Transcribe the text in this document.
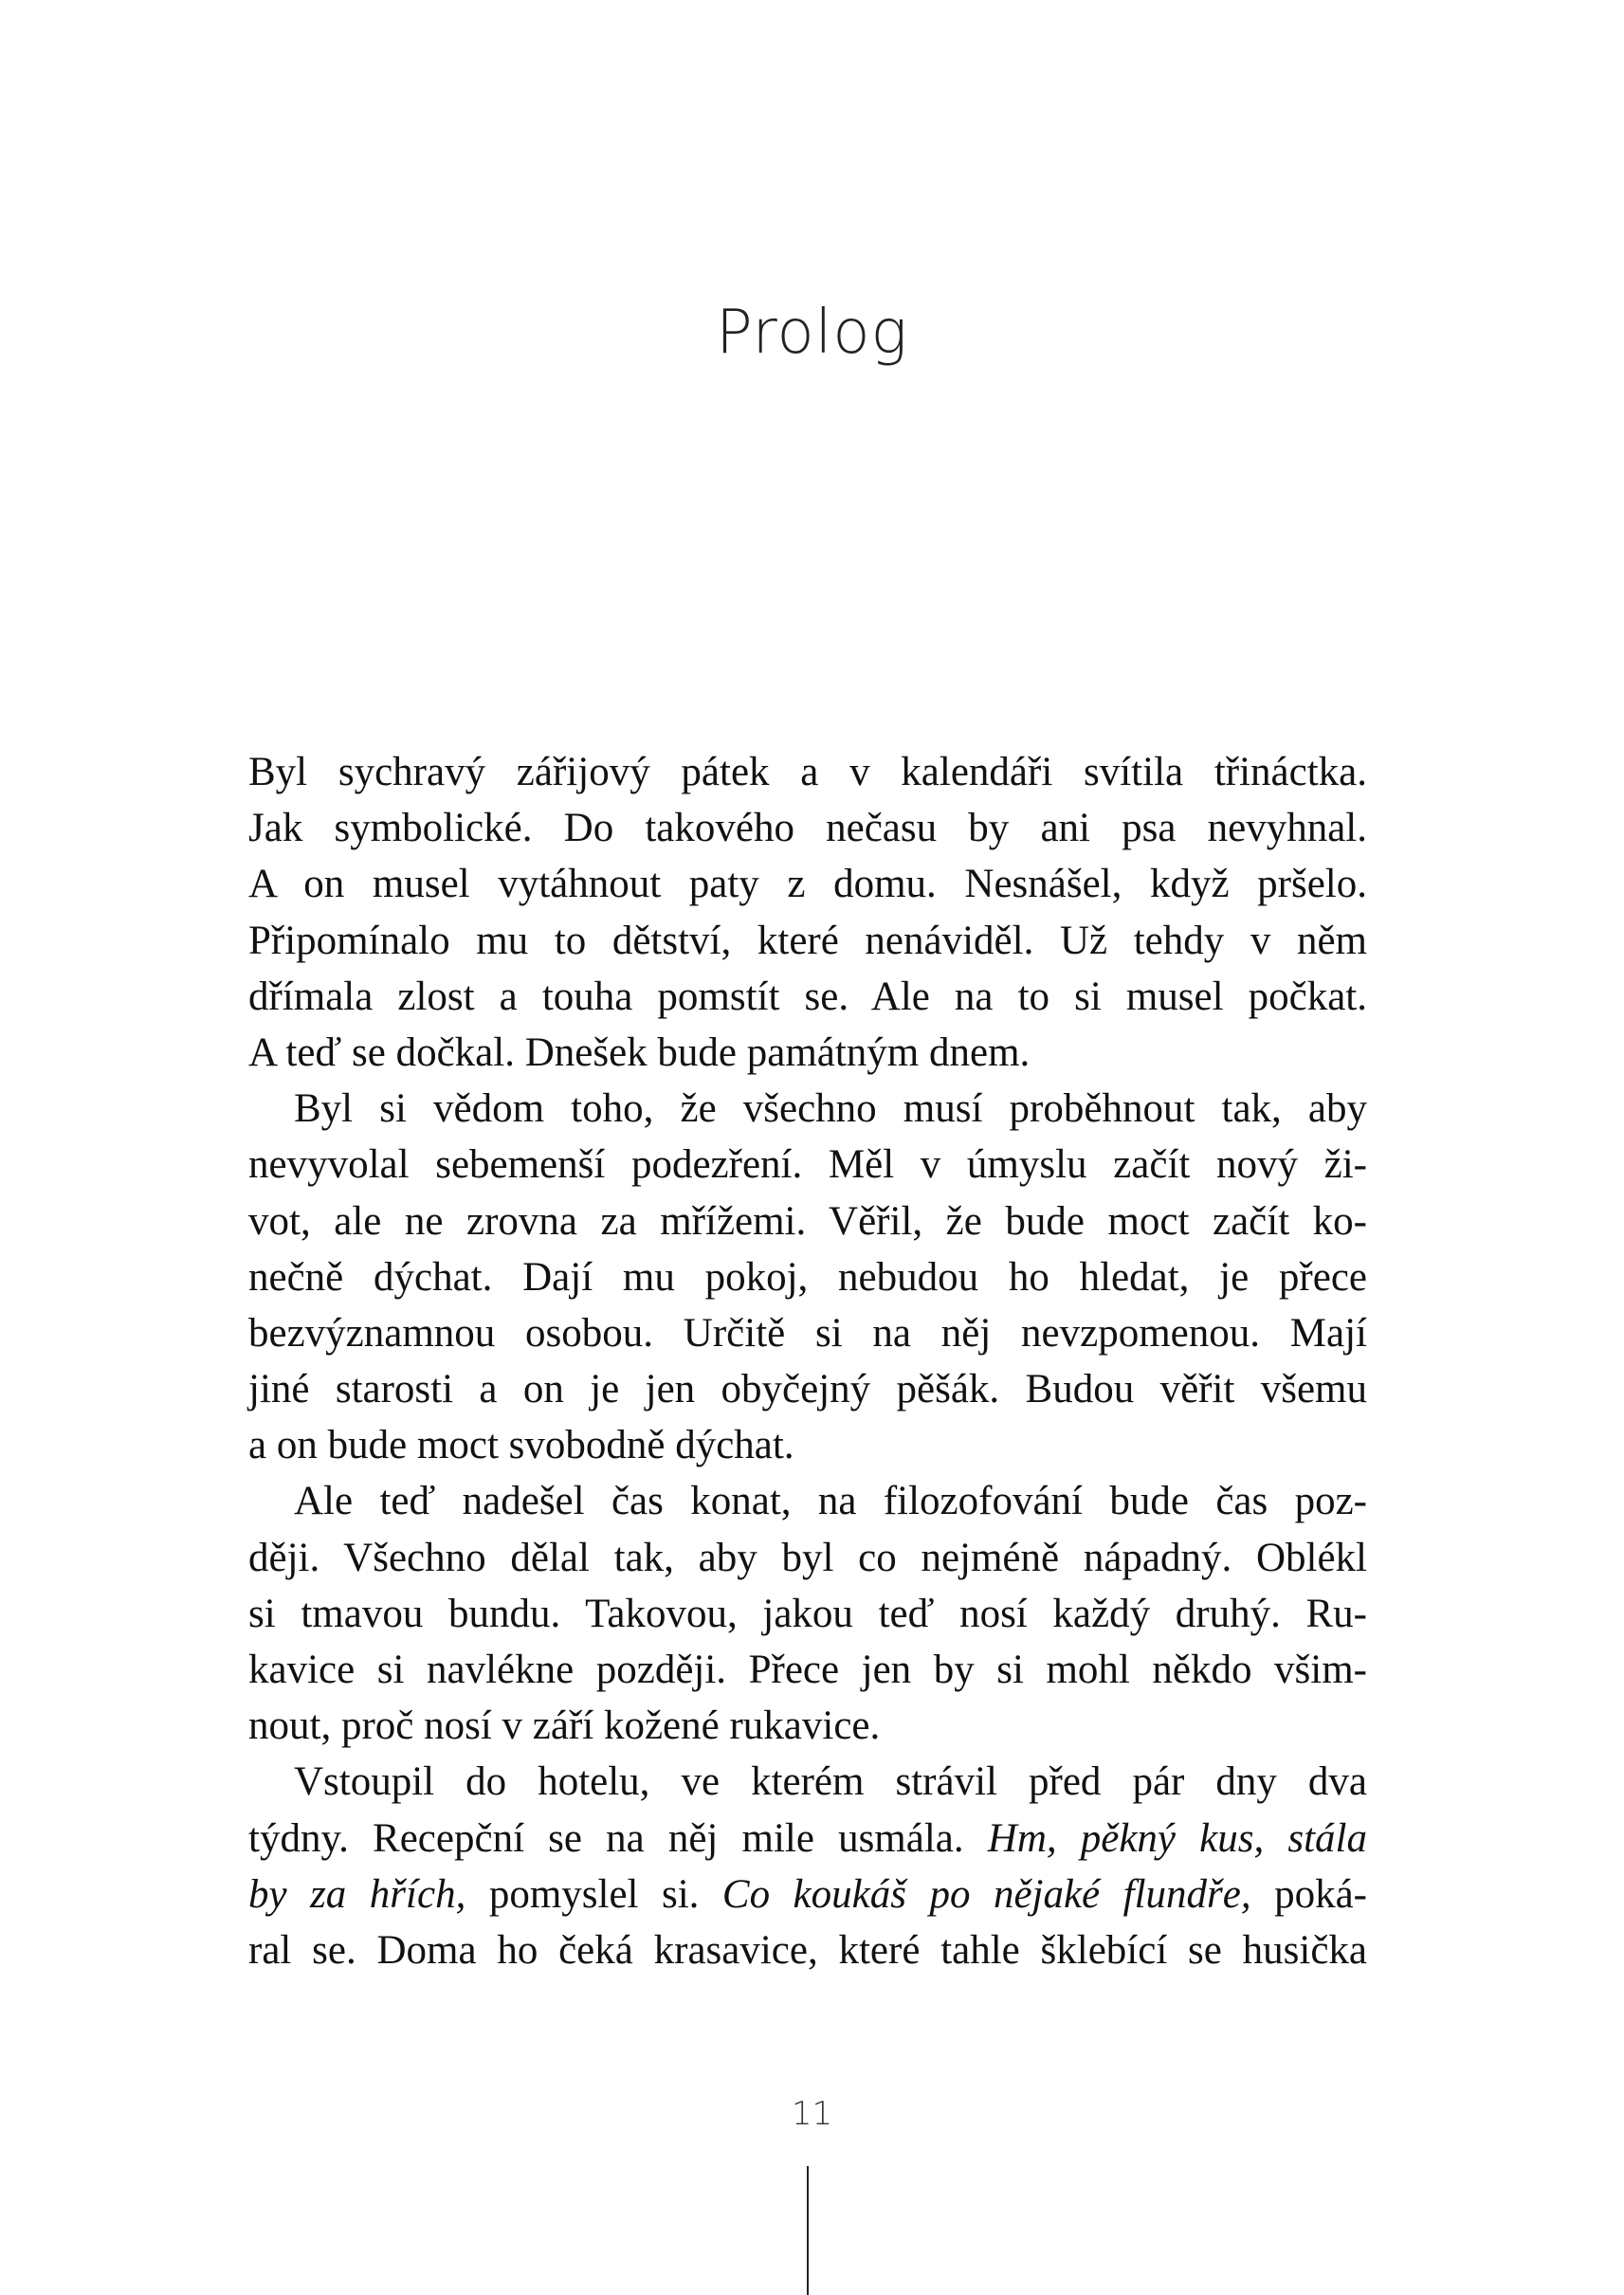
Prolog
Byl sychravý zářijový pátek a v kalendáři svítila třináctka.
Jak symbolické. Do takového nečasu by ani psa nevyhnal.
A on musel vytáhnout paty z domu. Nesnášel, když pršelo.
Připomínalo mu to dětství, které nenáviděl. Už tehdy v něm
dřímala zlost a touha pomstít se. Ale na to si musel počkat.
A teď se dočkal. Dnešek bude památným dnem.
Byl si vědom toho, že všechno musí proběhnout tak, aby
nevyvolal sebemenší podezření. Měl v úmyslu začít nový ži-
vot, ale ne zrovna za mřížemi. Věřil, že bude moct začít ko-
nečně dýchat. Dají mu pokoj, nebudou ho hledat, je přece
bezvýznamnou osobou. Určitě si na něj nevzpomenou. Mají
jiné starosti a on je jen obyčejný pěšák. Budou věřit všemu
a on bude moct svobodně dýchat.
Ale teď nadešel čas konat, na filozofování bude čas poz-
ději. Všechno dělal tak, aby byl co nejméně nápadný. Oblékl
si tmavou bundu. Takovou, jakou teď nosí každý druhý. Ru-
kavice si navlékne později. Přece jen by si mohl někdo všim-
nout, proč nosí v září kožené rukavice.
Vstoupil do hotelu, ve kterém strávil před pár dny dva
týdny. Recepční se na něj mile usmála. Hm, pěkný kus, stála
by za hřích, pomyslel si. Co koukáš po nějaké flundře, poká-
ral se. Doma ho čeká krasavice, které tahle šklebící se husička
11
